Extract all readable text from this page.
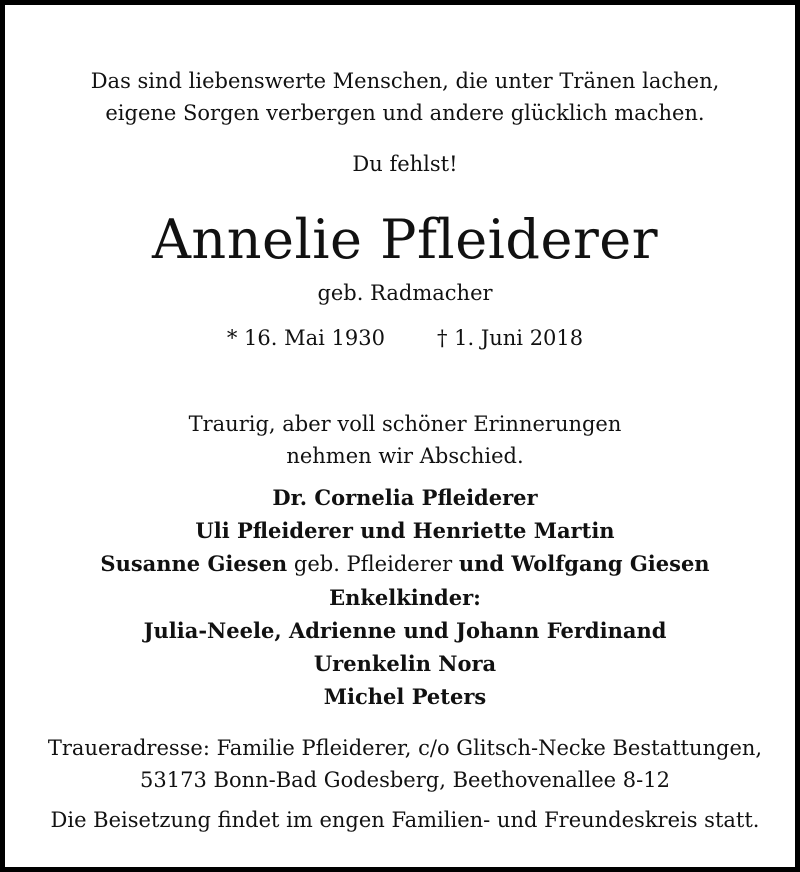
Das sind liebenswerte Menschen, die unter Tränen lachen,
eigene Sorgen verbergen und andere glücklich machen.
Du fehlst!
Annelie Pfleiderer
geb. Radmacher
* 16. Mai 1930 † 1. Juni 2018
Traurig, aber voll schöner Erinnerungen
nehmen wir Abschied.
Dr. Cornelia Pfleiderer
Uli Pfleiderer und Henriette Martin
Susanne Giesen geb. Pfleiderer und Wolfgang Giesen
Enkelkinder:
Julia-Neele, Adrienne und Johann Ferdinand
Urenkelin Nora
Michel Peters
Traueradresse: Familie Pfleiderer, c/o Glitsch-Necke Bestattungen,
53173 Bonn-Bad Godesberg, Beethovenallee 8-12
Die Beisetzung findet im engen Familien- und Freundeskreis statt.
